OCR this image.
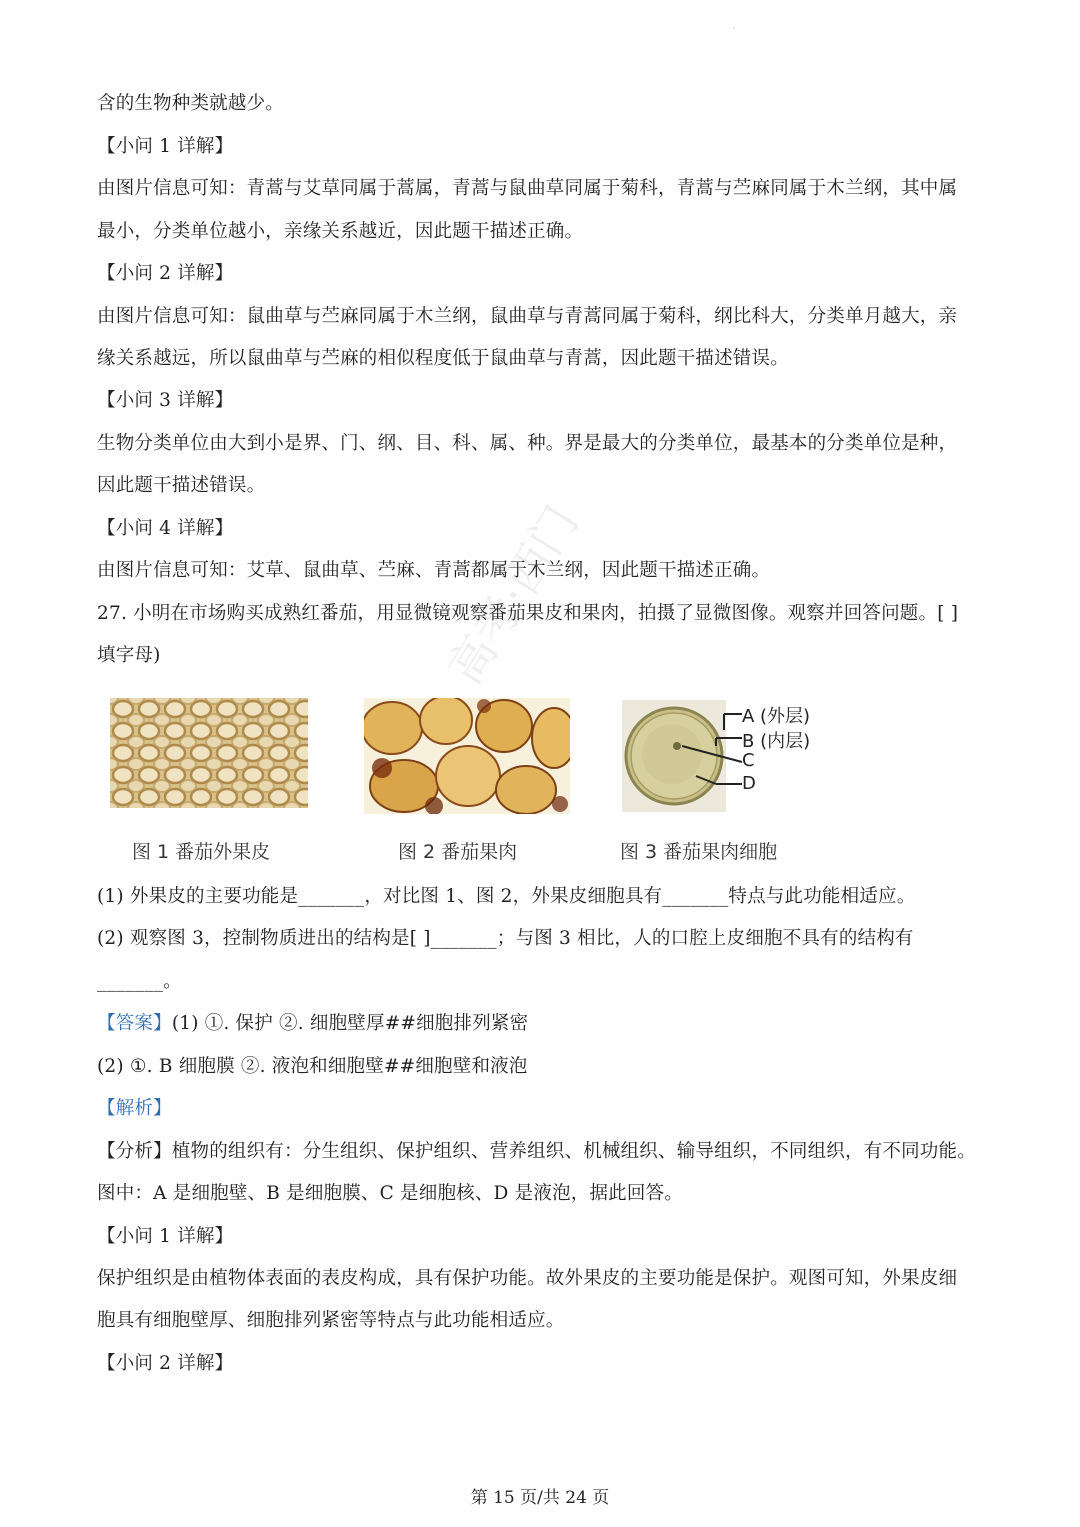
·
含的生物种类就越少。
【小问 1 详解】
由图片信息可知：青蒿与艾草同属于蒿属，青蒿与鼠曲草同属于菊科，青蒿与苎麻同属于木兰纲，其中属
最小，分类单位越小，亲缘关系越近，因此题干描述正确。
【小问 2 详解】
由图片信息可知：鼠曲草与苎麻同属于木兰纲，鼠曲草与青蒿同属于菊科，纲比科大，分类单月越大，亲
缘关系越远，所以鼠曲草与苎麻的相似程度低于鼠曲草与青蒿，因此题干描述错误。
【小问 3 详解】
生物分类单位由大到小是界、门、纲、目、科、属、种。界是最大的分类单位，最基本的分类单位是种，
因此题干描述错误。
【小问 4 详解】
由图片信息可知：艾草、鼠曲草、苎麻、青蒿都属于木兰纲，因此题干描述正确。
27. 小明在市场购买成熟红番茄，用显微镜观察番茄果皮和果肉，拍摄了显微图像。观察并回答问题。[ ]
填字母)
A (外层)
B (内层)
C
D
图 1 番茄外果皮	图 2 番茄果肉	图 3 番茄果肉细胞
高考·西门
(1) 外果皮的主要功能是_______，对比图 1、图 2，外果皮细胞具有_______特点与此功能相适应。
(2) 观察图 3，控制物质进出的结构是[ ]_______；与图 3 相比，人的口腔上皮细胞不具有的结构有
_______。
【答案】(1) ①. 保护 ②. 细胞壁厚##细胞排列紧密
(2) ①. B 细胞膜 ②. 液泡和细胞壁##细胞壁和液泡
【解析】
【分析】植物的组织有：分生组织、保护组织、营养组织、机械组织、输导组织，不同组织，有不同功能。
图中：A 是细胞壁、B 是细胞膜、C 是细胞核、D 是液泡，据此回答。
【小问 1 详解】
保护组织是由植物体表面的表皮构成，具有保护功能。故外果皮的主要功能是保护。观图可知，外果皮细
胞具有细胞壁厚、细胞排列紧密等特点与此功能相适应。
【小问 2 详解】
第 15 页/共 24 页
